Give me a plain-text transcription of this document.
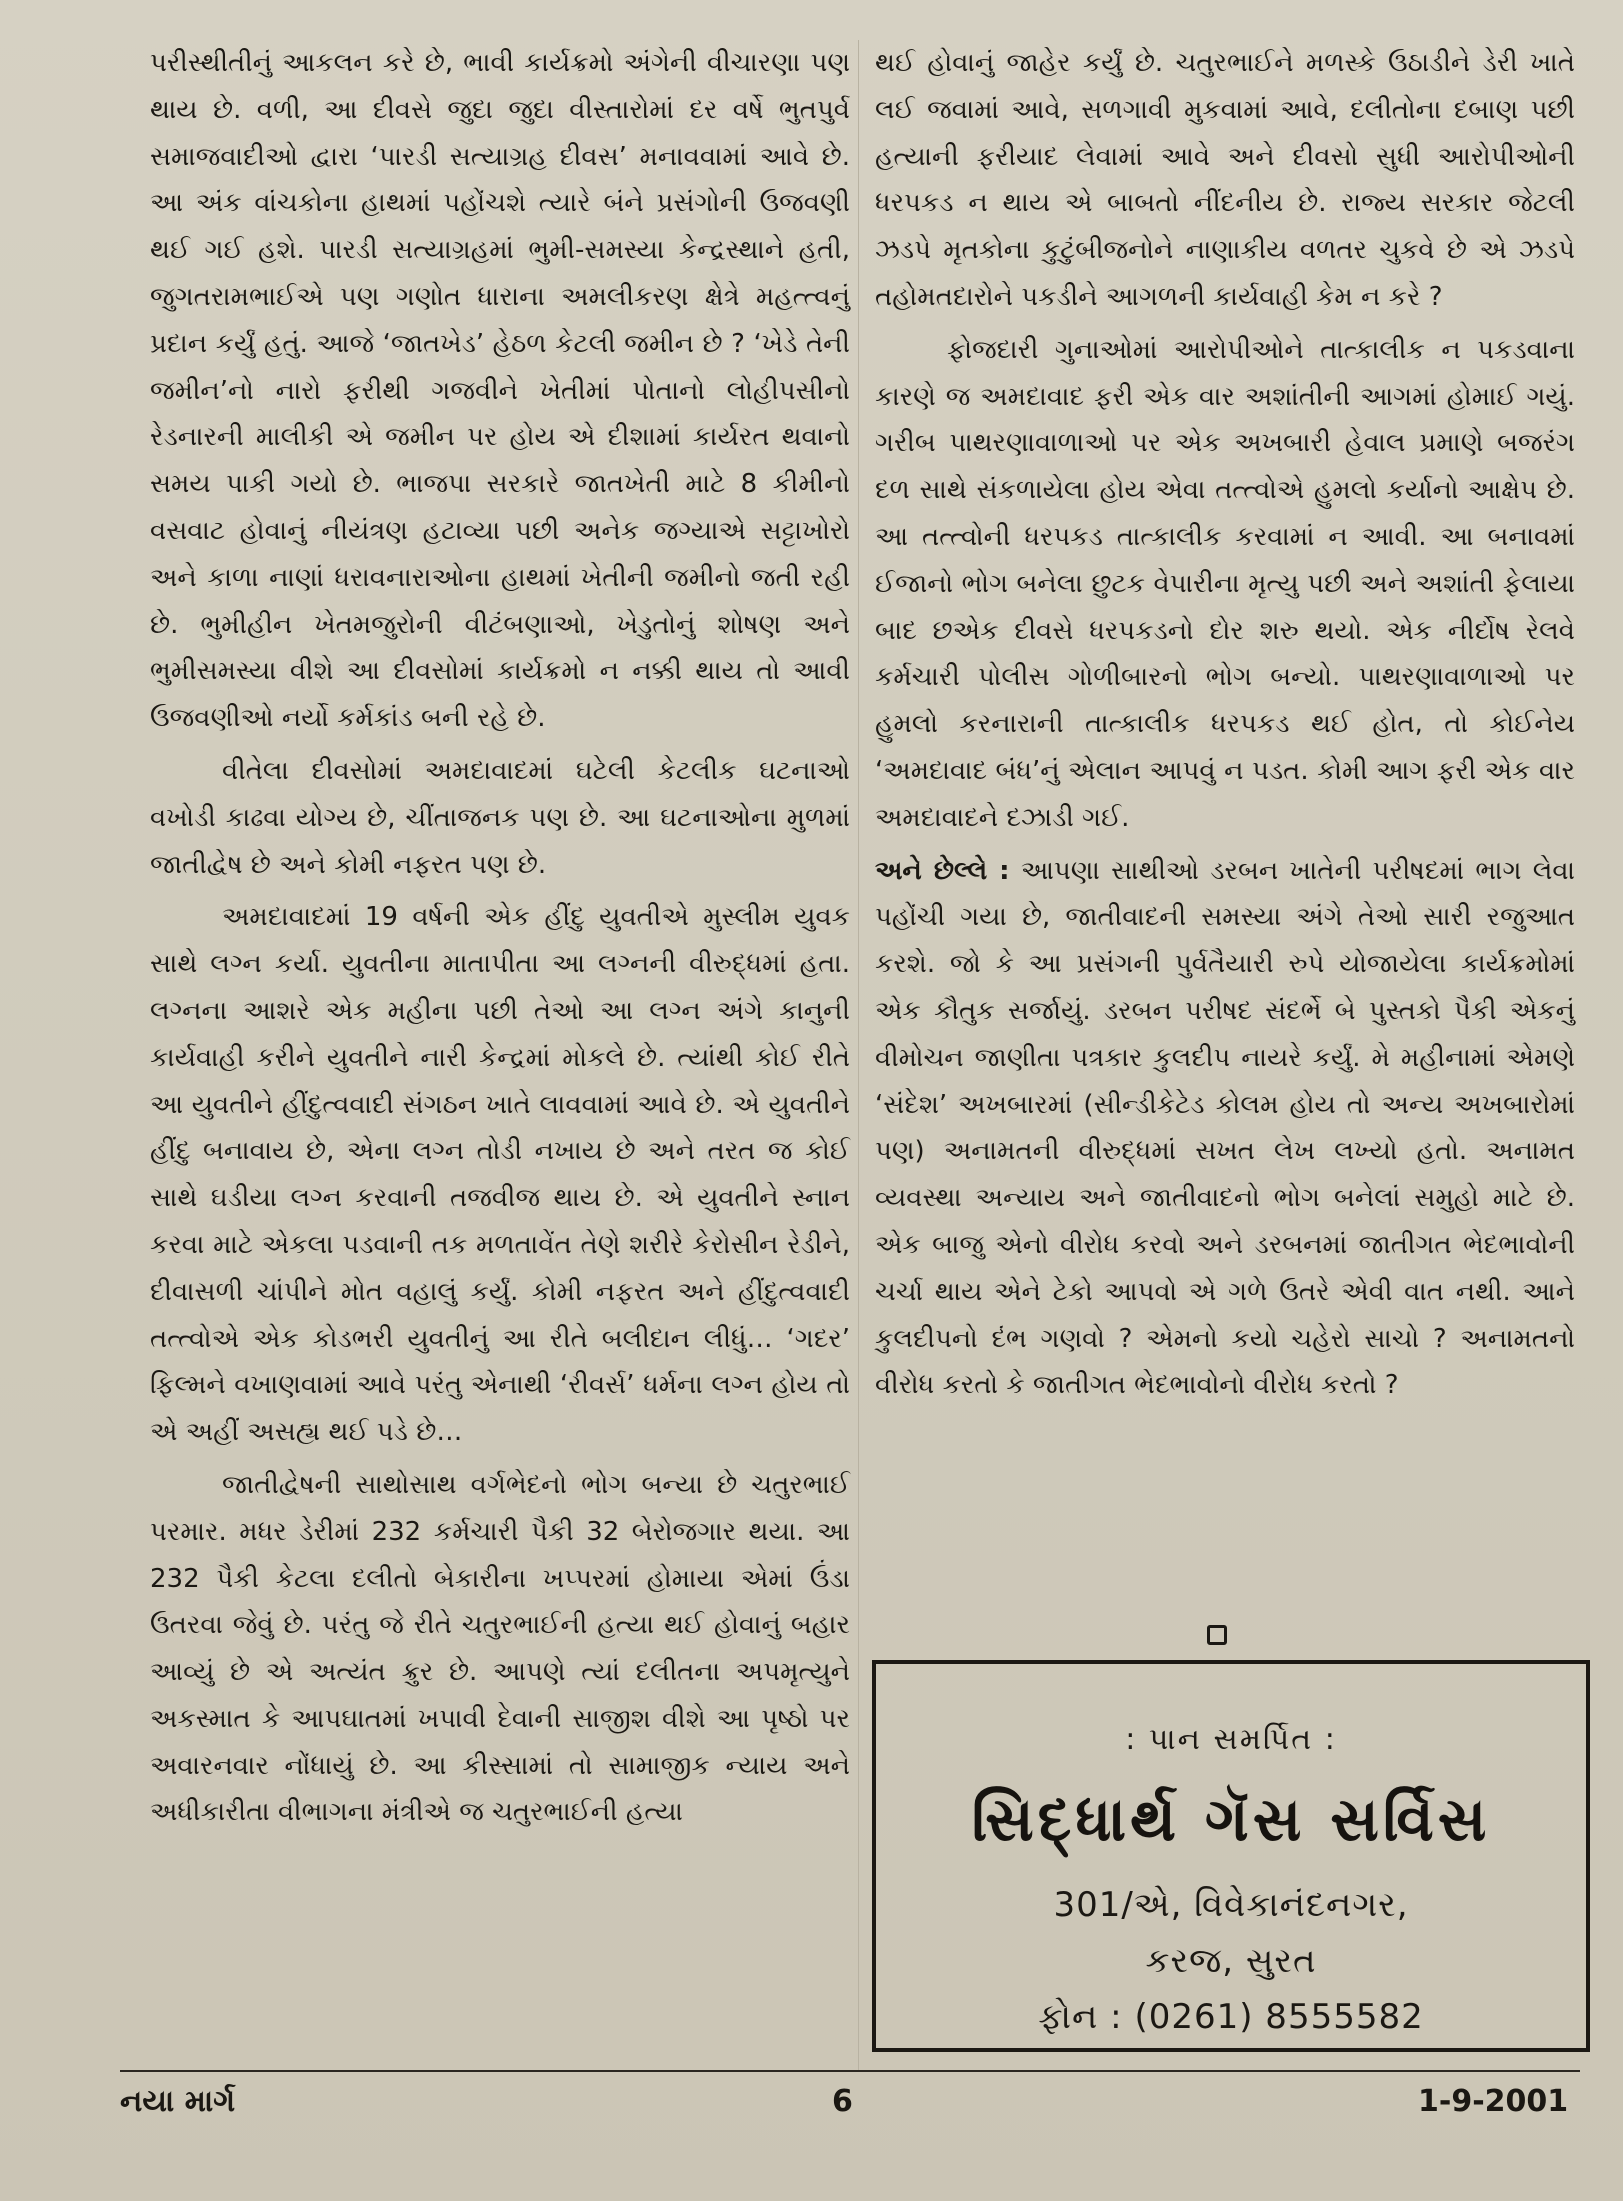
પરીસ્થીતીનું આકલન કરે છે, ભાવી કાર્યક્રમો અંગેની વીચારણા પણ થાય છે. વળી, આ દીવસે જુદા જુદા વીસ્તારોમાં દર વર્ષે ભુતપુર્વ સમાજવાદીઓ દ્વારા ‘પારડી સત્યાગ્રહ દીવસ’ મનાવવામાં આવે છે. આ અંક વાંચકોના હાથમાં પહોંચશે ત્યારે બંને પ્રસંગોની ઉજવણી થઈ ગઈ હશે. પારડી સત્યાગ્રહમાં ભુમી-સમસ્યા કેન્દ્રસ્થાને હતી, જુગતરામભાઈએ પણ ગણોત ધારાના અમલીકરણ ક્ષેત્રે મહત્ત્વનું પ્રદાન કર્યું હતું. આજે ‘જાતખેડ’ હેઠળ કેટલી જમીન છે ? ‘ખેડે તેની જમીન’નો નારો ફરીથી ગજવીને ખેતીમાં પોતાનો લોહીપસીનો રેડનારની માલીકી એ જમીન પર હોય એ દીશામાં કાર્યરત થવાનો સમય પાકી ગયો છે. ભાજપા સરકારે જાતખેતી માટે 8 કીમીનો વસવાટ હોવાનું નીયંત્રણ હટાવ્યા પછી અનેક જગ્યાએ સટ્ટાખોરો અને કાળા નાણાં ધરાવનારાઓના હાથમાં ખેતીની જમીનો જતી રહી છે. ભુમીહીન ખેતમજુરોની વીટંબણાઓ, ખેડુતોનું શોષણ અને ભુમીસમસ્યા વીશે આ દીવસોમાં કાર્યક્રમો ન નક્કી થાય તો આવી ઉજવણીઓ નર્યો કર્મકાંડ બની રહે છે.

વીતેલા દીવસોમાં અમદાવાદમાં ઘટેલી કેટલીક ઘટનાઓ વખોડી કાઢવા યોગ્ય છે, ચીંતાજનક પણ છે. આ ઘટનાઓના મુળમાં જાતીદ્વેષ છે અને કોમી નફરત પણ છે.

અમદાવાદમાં 19 વર્ષની એક હીંદુ યુવતીએ મુસ્લીમ યુવક સાથે લગ્ન કર્યા. યુવતીના માતાપીતા આ લગ્નની વીરુદ્ધમાં હતા. લગ્નના આશરે એક મહીના પછી તેઓ આ લગ્ન અંગે કાનુની કાર્યવાહી કરીને યુવતીને નારી કેન્દ્રમાં મોકલે છે. ત્યાંથી કોઈ રીતે આ યુવતીને હીંદુત્વવાદી સંગઠન ખાતે લાવવામાં આવે છે. એ યુવતીને હીંદુ બનાવાય છે, એના લગ્ન તોડી નખાય છે અને તરત જ કોઈ સાથે ઘડીયા લગ્ન કરવાની તજવીજ થાય છે. એ યુવતીને સ્નાન કરવા માટે એકલા પડવાની તક મળતાવેંત તેણે શરીરે કેરોસીન રેડીને, દીવાસળી ચાંપીને મોત વહાલું કર્યું. કોમી નફરત અને હીંદુત્વવાદી તત્ત્વોએ એક કોડભરી યુવતીનું આ રીતે બલીદાન લીધું… ‘ગદર’ ફિલ્મને વખાણવામાં આવે પરંતુ એનાથી ‘રીવર્સ’ ધર્મના લગ્ન હોય તો એ અહીં અસહ્ય થઈ પડે છે…

જાતીદ્વેષની સાથોસાથ વર્ગભેદનો ભોગ બન્યા છે ચતુરભાઈ પરમાર. મધર ડેરીમાં 232 કર્મચારી પૈકી 32 બેરોજગાર થયા. આ 232 પૈકી કેટલા દલીતો બેકારીના ખપ્પરમાં હોમાયા એમાં ઉંડા ઉતરવા જેવું છે. પરંતુ જે રીતે ચતુરભાઈની હત્યા થઈ હોવાનું બહાર આવ્યું છે એ અત્યંત ક્રુર છે. આપણે ત્યાં દલીતના અપમૃત્યુને અકસ્માત કે આપઘાતમાં ખપાવી દેવાની સાજીશ વીશે આ પૃષ્ઠો પર અવારનવાર નોંધાયું છે. આ કીસ્સામાં તો સામાજીક ન્યાય અને અધીકારીતા વીભાગના મંત્રીએ જ ચતુરભાઈની હત્યા

થઈ હોવાનું જાહેર કર્યું છે. ચતુરભાઈને મળસ્કે ઉઠાડીને ડેરી ખાતે લઈ જવામાં આવે, સળગાવી મુકવામાં આવે, દલીતોના દબાણ પછી હત્યાની ફરીયાદ લેવામાં આવે અને દીવસો સુધી આરોપીઓની ધરપકડ ન થાય એ બાબતો નીંદનીય છે. રાજ્ય સરકાર જેટલી ઝડપે મૃતકોના કુટુંબીજનોને નાણાકીય વળતર ચુકવે છે એ ઝડપે તહોમતદારોને પકડીને આગળની કાર્યવાહી કેમ ન કરે ?

ફોજદારી ગુનાઓમાં આરોપીઓને તાત્કાલીક ન પકડવાના કારણે જ અમદાવાદ ફરી એક વાર અશાંતીની આગમાં હોમાઈ ગયું. ગરીબ પાથરણાવાળાઓ પર એક અખબારી હેવાલ પ્રમાણે બજરંગ દળ સાથે સંકળાયેલા હોય એવા તત્ત્વોએ હુમલો કર્યાનો આક્ષેપ છે. આ તત્ત્વોની ધરપકડ તાત્કાલીક કરવામાં ન આવી. આ બનાવમાં ઈજાનો ભોગ બનેલા છુટક વેપારીના મૃત્યુ પછી અને અશાંતી ફેલાયા બાદ છએક દીવસે ધરપકડનો દોર શરુ થયો. એક નીર્દોષ રેલવે કર્મચારી પોલીસ ગોળીબારનો ભોગ બન્યો. પાથરણાવાળાઓ પર હુમલો કરનારાની તાત્કાલીક ધરપકડ થઈ હોત, તો કોઈનેય ‘અમદાવાદ બંધ’નું એલાન આપવું ન પડત. કોમી આગ ફરી એક વાર અમદાવાદને દઝાડી ગઈ.

અને છેલ્લે : આપણા સાથીઓ ડરબન ખાતેની પરીષદમાં ભાગ લેવા પહોંચી ગયા છે, જાતીવાદની સમસ્યા અંગે તેઓ સારી રજુઆત કરશે. જો કે આ પ્રસંગની પુર્વતૈયારી રુપે યોજાયેલા કાર્યક્રમોમાં એક કૌતુક સર્જાયું. ડરબન પરીષદ સંદર્ભે બે પુસ્તકો પૈકી એકનું વીમોચન જાણીતા પત્રકાર કુલદીપ નાયરે કર્યું. મે મહીનામાં એમણે ‘સંદેશ’ અખબારમાં (સીન્ડીકેટેડ કોલમ હોય તો અન્ય અખબારોમાં પણ) અનામતની વીરુદ્ધમાં સખત લેખ લખ્યો હતો. અનામત વ્યવસ્થા અન્યાય અને જાતીવાદનો ભોગ બનેલાં સમુહો માટે છે. એક બાજુ એનો વીરોધ કરવો અને ડરબનમાં જાતીગત ભેદભાવોની ચર્ચા થાય એને ટેકો આપવો એ ગળે ઉતરે એવી વાત નથી. આને કુલદીપનો દંભ ગણવો ? એમનો કયો ચહેરો સાચો ? અનામતનો વીરોધ કરતો કે જાતીગત ભેદભાવોનો વીરોધ કરતો ?

: પાન સમર્પિત :
સિદ્ધાર્થ ગૅસ સર્વિસ
301/એ, વિવેકાનંદનગર,
કરજ, સુરત
ફોન : (0261) 8555582
નયા માર્ગ	6	1-9-2001
